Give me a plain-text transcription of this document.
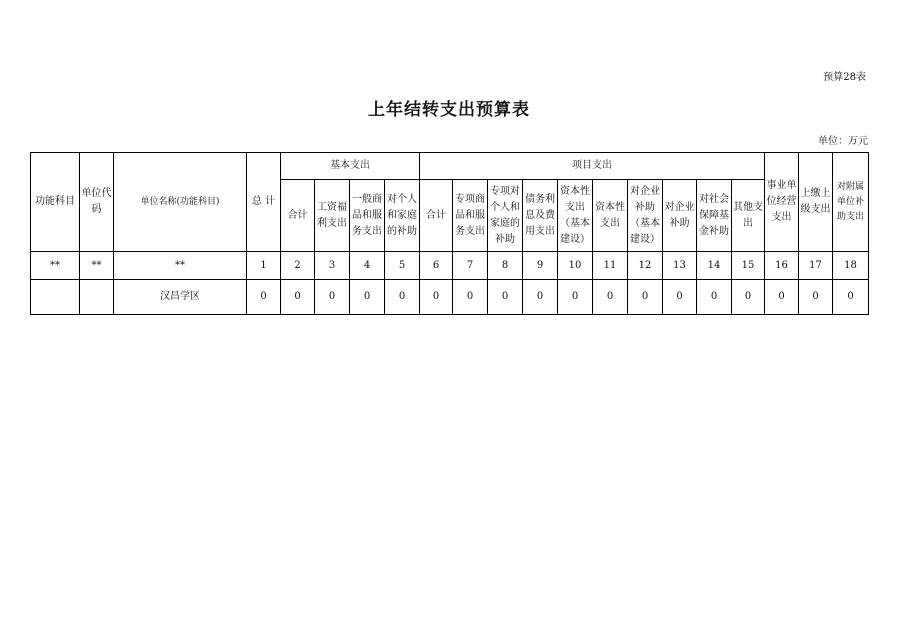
预算28表
上年结转支出预算表
单位：万元
功能科目	单位代码	单位名称(功能科目)	总 计	基本支出				项目支出										事业单位经营支出	上缴上级支出	对附属单位补助支出
				合计	工资福利支出	一般商品和服务支出	对个人和家庭的补助	合计	专项商品和服务支出	专项对个人和家庭的补助	债务利息及费用支出	资本性支出（基本建设）	资本性支出	对企业补助（基本建设）	对企业补助	对社会保障基金补助	其他支出			
**	**	**	1	2	3	4	5	6	7	8	9	10	11	12	13	14	15	16	17	18
		汉昌学区	0	0	0	0	0	0	0	0	0	0	0	0	0	0	0	0	0	0
